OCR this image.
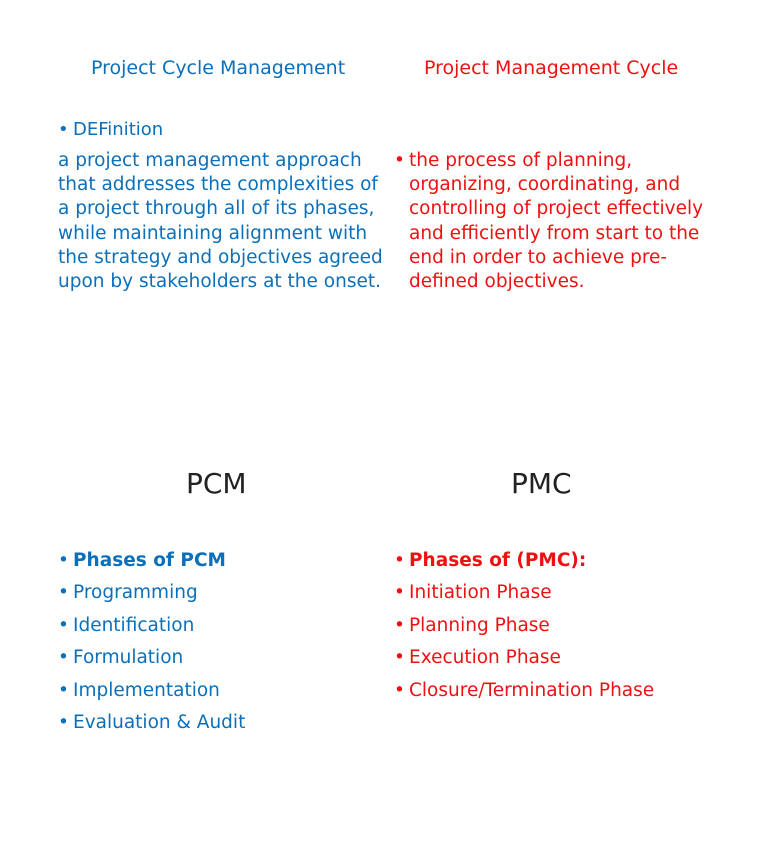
Project Cycle Management	Project Management Cycle
• DEFinition
a project management approach that addresses the complexities of a project through all of its phases, while maintaining alignment with the strategy and objectives agreed upon by stakeholders at the onset.
• the process of planning, organizing, coordinating, and controlling of project effectively and efficiently from start to the end in order to achieve pre-defined objectives.
PCM	PMC
• Phases of PCM
• Programming
• Identification
• Formulation
• Implementation
• Evaluation & Audit
• Phases of (PMC):
• Initiation Phase
• Planning Phase
• Execution Phase
• Closure/Termination Phase
